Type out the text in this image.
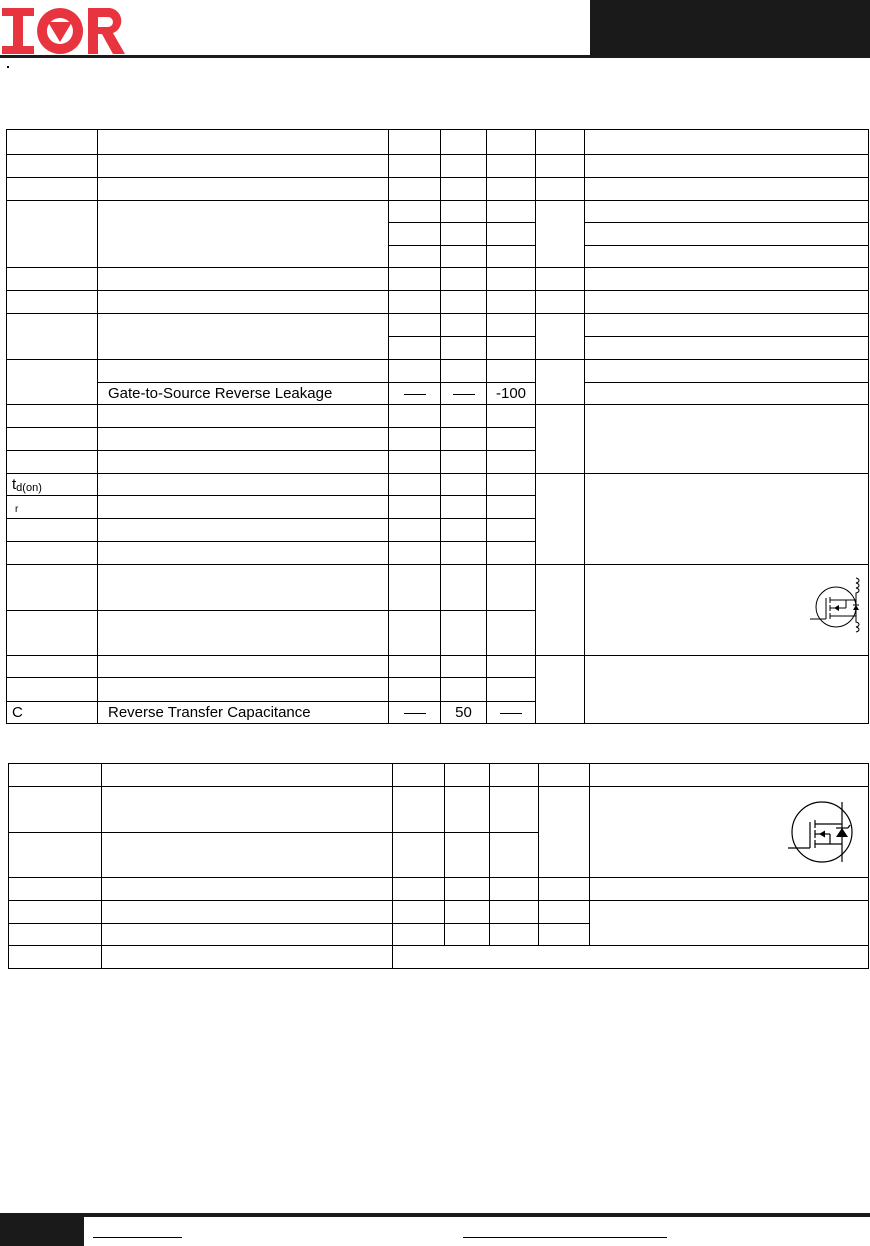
	Gate-to-Source Reverse Leakage			-100		

td(on)						
r						

C	Reverse Transfer Capacitance		50			
